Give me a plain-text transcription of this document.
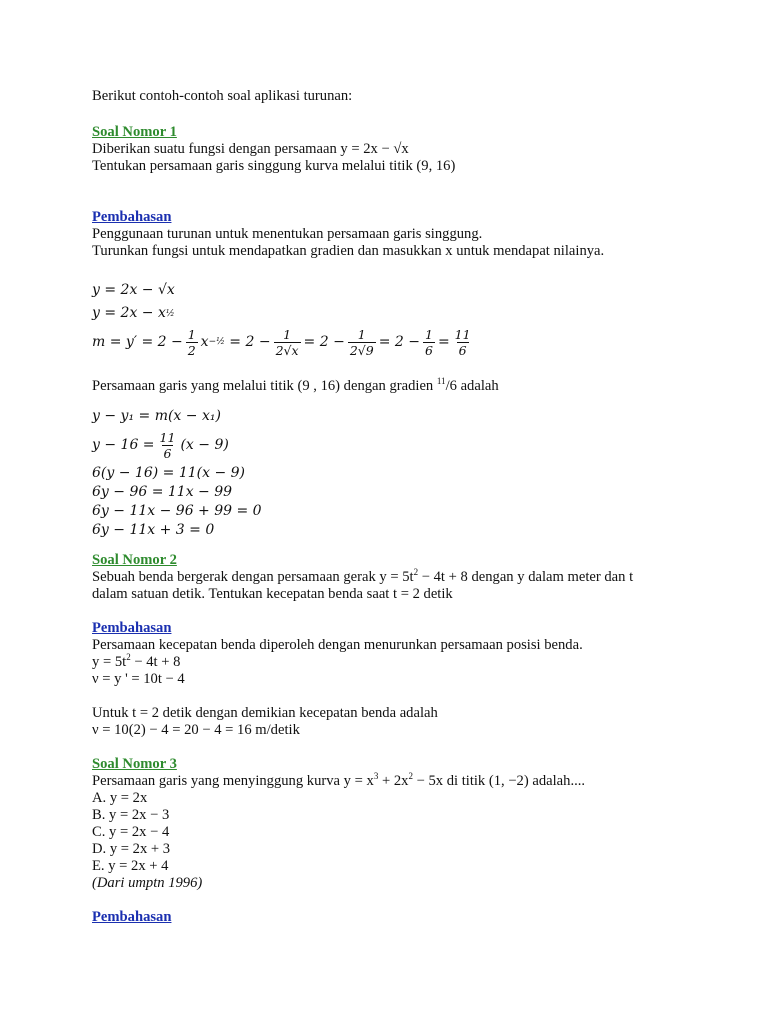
Berikut contoh-contoh soal aplikasi turunan:
Soal Nomor 1
Diberikan suatu fungsi dengan persamaan y = 2x − √x
Tentukan persamaan garis singgung kurva melalui titik (9, 16)
Pembahasan
Penggunaan turunan untuk menentukan persamaan garis singgung.
Turunkan fungsi untuk mendapatkan gradien dan masukkan x untuk mendapat nilainya.
y = 2x − √x
y = 2x − x ½
$m = y' = 2 - \frac{1}{2}$ x −½
= $2 - \frac{1}{2√x} = 2 - \frac{1}{2√9} = 2 - \frac{1}{6} = \frac{11}{6}$
Persamaan garis yang melalui titik (9 , 16) dengan gradien $^{11}$/6 adalah
y − y₁ = m(x − x₁)
$y - 16 = \frac{11}{6} (x - 9)$
6(y − 16) = 11(x − 9)
6y − 96 = 11x − 99
6y − 11x − 96 + 99 = 0
6y − 11x + 3 = 0
Soal Nomor 2
Sebuah benda bergerak dengan persamaan gerak $y = 5t^2 - 4t + 8$ dengan y dalam meter dan t
dalam satuan detik. Tentukan kecepatan benda saat t = 2 detik
Pembahasan
Persamaan kecepatan benda diperoleh dengan menurunkan persamaan posisi benda.
$y = 5t^2 - 4t + 8$
ν = y ' = 10t − 4
Untuk t = 2 detik dengan demikian kecepatan benda adalah
ν = 10(2) − 4 = 20 − 4 = 16 m/detik
Soal Nomor 3
Persamaan garis yang menyinggung kurva $y = x^3 + 2x^2 - 5x$ di titik (1, −2) adalah....
A. y = 2x
B. y = 2x − 3
C. y = 2x − 4
D. y = 2x + 3
E. y = 2x + 4
(Dari umptn 1996)
Pembahasan
